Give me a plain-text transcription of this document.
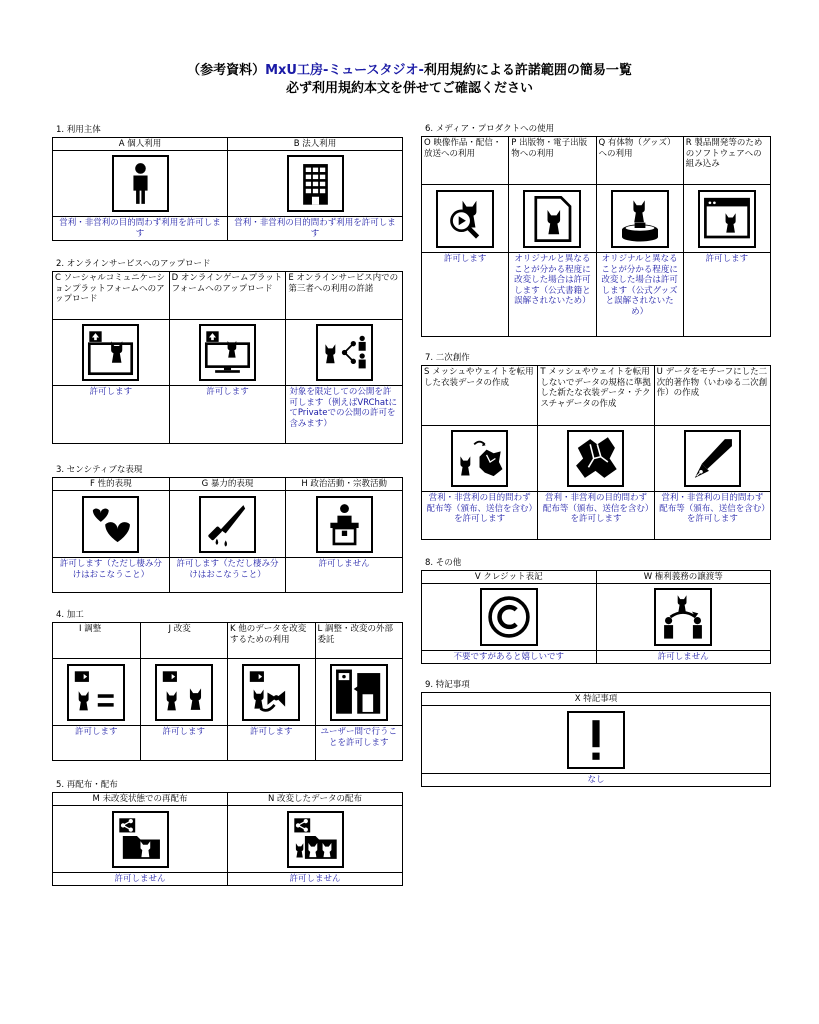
（参考資料）MxU工房-ミュースタジオ-利用規約による許諾範囲の簡易一覧
必ず利用規約本文を併せてご確認ください
1. 利用主体
A 個人利用	B 法人利用

営利・非営利の目的問わず利用を許可します	営利・非営利の目的問わず利用を許可します
2. オンラインサービスへのアップロード
C ソーシャルコミュニケーションプラットフォームへのアップロード	D オンラインゲームプラットフォームへのアップロード	E オンラインサービス内での第三者への利用の許諾

許可します	許可します	対象を限定しての公開を許可します（例えばVRChatにてPrivateでの公開の許可を含みます）
3. センシティブな表現
F 性的表現	G 暴力的表現	H 政治活動・宗教活動

許可します（ただし棲み分けはおこなうこと）	許可します（ただし棲み分けはおこなうこと）	許可しません
4. 加工
I 調整	J 改変	K 他のデータを改変するための利用	L 調整・改変の外部委託

許可します	許可します	許可します	ユーザー間で行うことを許可します
5. 再配布・配布
M 未改変状態での再配布	N 改変したデータの配布

許可しません	許可しません
6. メディア・プロダクトへの使用
O 映像作品・配信・放送への利用	P 出版物・電子出版物への利用	Q 有体物（グッズ）への利用	R 製品開発等のためのソフトウェアへの組み込み

許可します	オリジナルと異なることが分かる程度に改変した場合は許可します（公式書籍と誤解されないため）	オリジナルと異なることが分かる程度に改変した場合は許可します（公式グッズと誤解されないため）	許可します
7. 二次創作
S メッシュやウェイトを転用した衣装データの作成	T メッシュやウェイトを転用しないでデータの規格に準拠した新たな衣装データ・テクスチャデータの作成	U データをモチーフにした二次的著作物（いわゆる二次創作）の作成

営利・非営利の目的問わず配布等（頒布、送信を含む）を許可します	営利・非営利の目的問わず配布等（頒布、送信を含む）を許可します	営利・非営利の目的問わず配布等（頒布、送信を含む）を許可します
8. その他
V クレジット表記	W 権利義務の譲渡等

不要ですがあると嬉しいです	許可しません
9. 特記事項
X 特記事項

なし
